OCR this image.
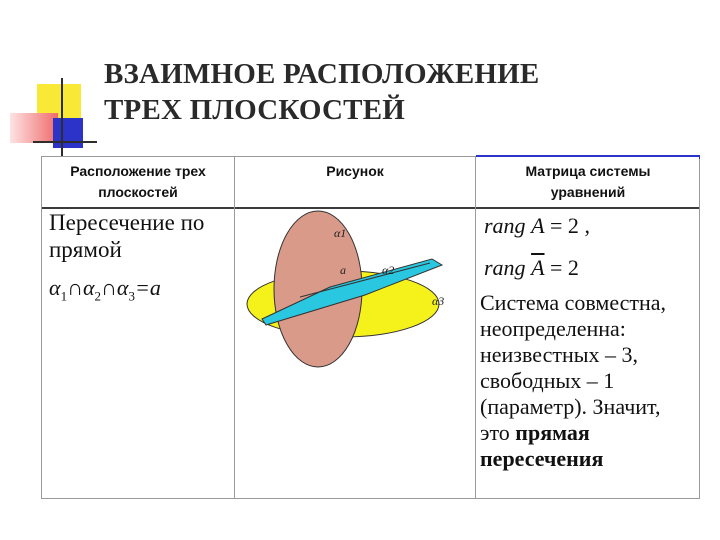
ВЗАИМНОЕ РАСПОЛОЖЕНИЕ
ТРЕХ ПЛОСКОСТЕЙ
Расположение трех
плоскостей
Рисунок	Матрица системы
уравнений
Пересечение по
прямой
$\alpha_1\cap\alpha_2\cap\alpha_3=a$
α1
α2
α3
a
rang A = 2 ,
rang $\overline{A} = 2$
Система совместна,
неопределенна:
неизвестных – 3,
свободных – 1
(параметр). Значит,
это прямая
пересечения
